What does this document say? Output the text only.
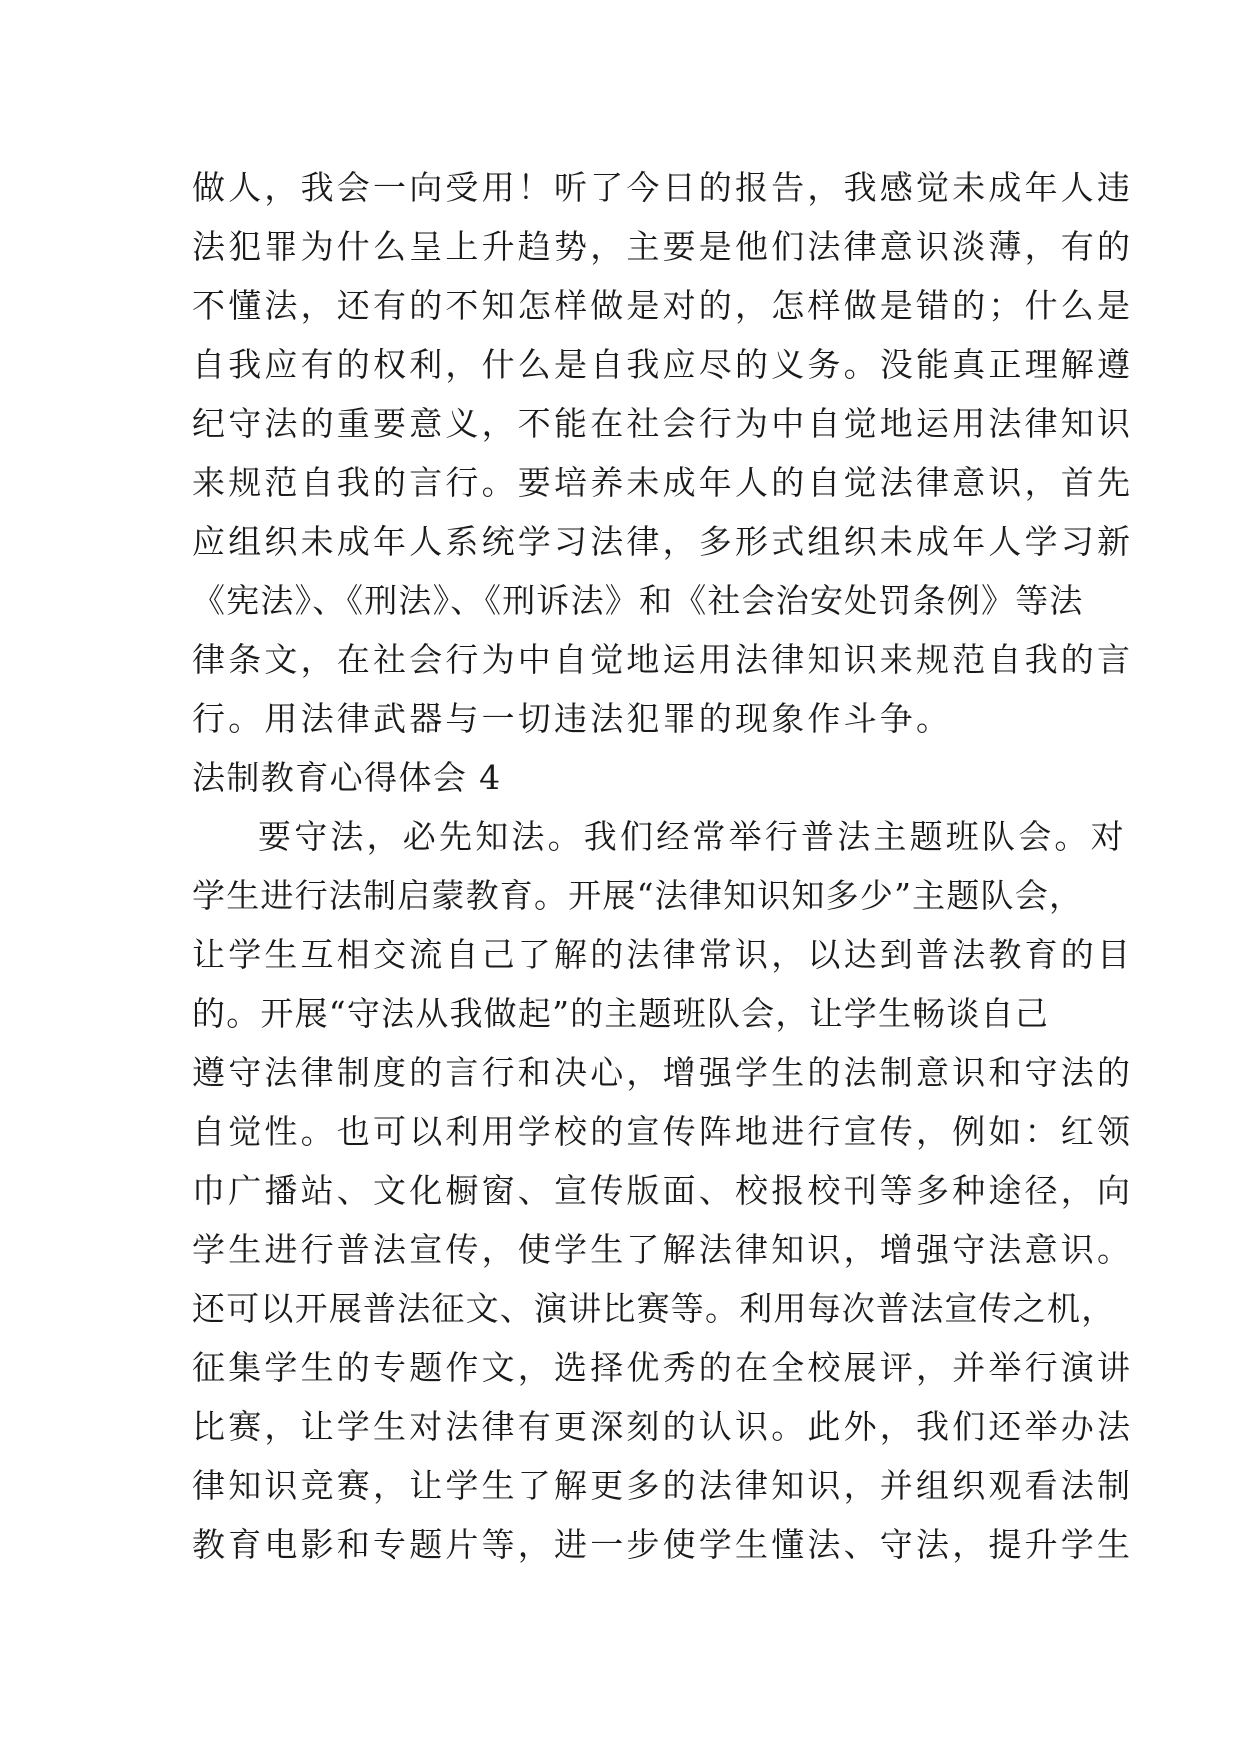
做人，我会一向受用！听了今日的报告，我感觉未成年人违
法犯罪为什么呈上升趋势，主要是他们法律意识淡薄，有的
不懂法，还有的不知怎样做是对的，怎样做是错的；什么是
自我应有的权利，什么是自我应尽的义务。没能真正理解遵
纪守法的重要意义，不能在社会行为中自觉地运用法律知识
来规范自我的言行。要培养未成年人的自觉法律意识，首先
应组织未成年人系统学习法律，多形式组织未成年人学习新
《宪法》、《刑法》、《刑诉法》和《社会治安处罚条例》等法
律条文，在社会行为中自觉地运用法律知识来规范自我的言
行。用法律武器与一切违法犯罪的现象作斗争。
法制教育心得体会 4
要守法，必先知法。我们经常举行普法主题班队会。对
学生进行法制启蒙教育。开展“法律知识知多少”主题队会，
让学生互相交流自己了解的法律常识，以达到普法教育的目
的。开展“守法从我做起”的主题班队会，让学生畅谈自己
遵守法律制度的言行和决心，增强学生的法制意识和守法的
自觉性。也可以利用学校的宣传阵地进行宣传，例如：红领
巾广播站、文化橱窗、宣传版面、校报校刊等多种途径，向
学生进行普法宣传，使学生了解法律知识，增强守法意识。
还可以开展普法征文、演讲比赛等。利用每次普法宣传之机，
征集学生的专题作文，选择优秀的在全校展评，并举行演讲
比赛，让学生对法律有更深刻的认识。此外，我们还举办法
律知识竞赛，让学生了解更多的法律知识，并组织观看法制
教育电影和专题片等，进一步使学生懂法、守法，提升学生
